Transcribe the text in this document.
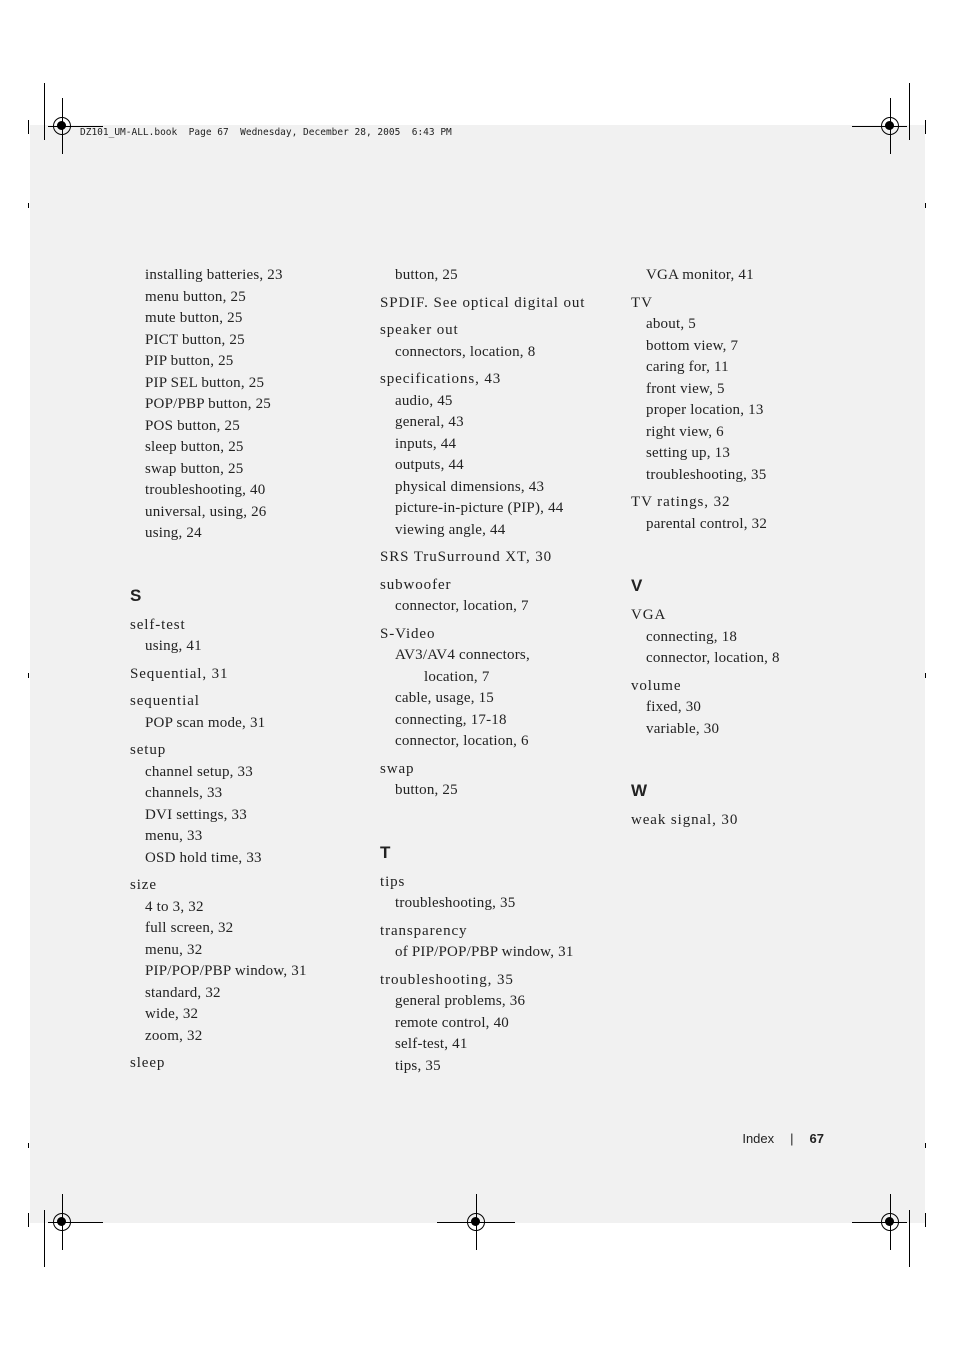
DZ101_UM-ALL.book  Page 67  Wednesday, December 28, 2005  6:43 PM
installing batteries, 23
menu button, 25
mute button, 25
PICT button, 25
PIP button, 25
PIP SEL button, 25
POP/PBP button, 25
POS button, 25
sleep button, 25
swap button, 25
troubleshooting, 40
universal, using, 26
using, 24
S
self-test
using, 41
Sequential, 31
sequential
POP scan mode, 31
setup
channel setup, 33
channels, 33
DVI settings, 33
menu, 33
OSD hold time, 33
size
4 to 3, 32
full screen, 32
menu, 32
PIP/POP/PBP window, 31
standard, 32
wide, 32
zoom, 32
sleep
button, 25
SPDIF. See optical digital out
speaker out
connectors, location, 8
specifications, 43
audio, 45
general, 43
inputs, 44
outputs, 44
physical dimensions, 43
picture-in-picture (PIP), 44
viewing angle, 44
SRS TruSurround XT, 30
subwoofer
connector, location, 7
S-Video
AV3/AV4 connectors,
location, 7
cable, usage, 15
connecting, 17-18
connector, location, 6
swap
button, 25
T
tips
troubleshooting, 35
transparency
of PIP/POP/PBP window, 31
troubleshooting, 35
general problems, 36
remote control, 40
self-test, 41
tips, 35
VGA monitor, 41
TV
about, 5
bottom view, 7
caring for, 11
front view, 5
proper location, 13
right view, 6
setting up, 13
troubleshooting, 35
TV ratings, 32
parental control, 32
V
VGA
connecting, 18
connector, location, 8
volume
fixed, 30
variable, 30
W
weak signal, 30
Index | 67
